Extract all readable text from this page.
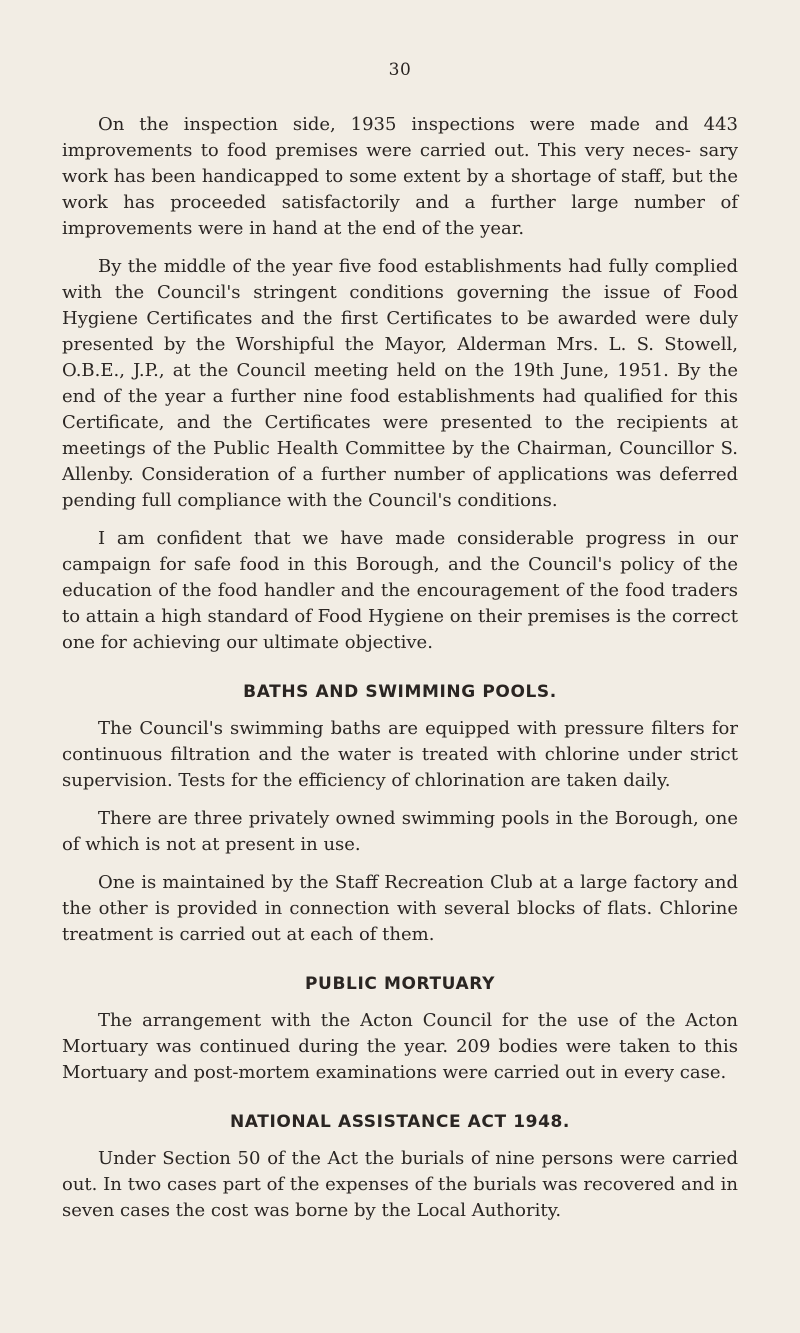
30

On the inspection side, 1935 inspections were made and 443 improvements to food premises were carried out. This very neces- sary work has been handicapped to some extent by a shortage of staff, but the work has proceeded satisfactorily and a further large number of improvements were in hand at the end of the year.

By the middle of the year five food establishments had fully complied with the Council's stringent conditions governing the issue of Food Hygiene Certificates and the first Certificates to be awarded were duly presented by the Worshipful the Mayor, Alderman Mrs. L. S. Stowell, O.B.E., J.P., at the Council meeting held on the 19th June, 1951. By the end of the year a further nine food establishments had qualified for this Certificate, and the Certificates were presented to the recipients at meetings of the Public Health Committee by the Chairman, Councillor S. Allenby. Consideration of a further number of applications was deferred pending full compliance with the Council's conditions.

I am confident that we have made considerable progress in our campaign for safe food in this Borough, and the Council's policy of the education of the food handler and the encouragement of the food traders to attain a high standard of Food Hygiene on their premises is the correct one for achieving our ultimate objective.

BATHS AND SWIMMING POOLS.

The Council's swimming baths are equipped with pressure filters for continuous filtration and the water is treated with chlorine under strict supervision. Tests for the efficiency of chlorination are taken daily.

There are three privately owned swimming pools in the Borough, one of which is not at present in use.

One is maintained by the Staff Recreation Club at a large factory and the other is provided in connection with several blocks of flats. Chlorine treatment is carried out at each of them.

PUBLIC MORTUARY

The arrangement with the Acton Council for the use of the Acton Mortuary was continued during the year. 209 bodies were taken to this Mortuary and post-mortem examinations were carried out in every case.

NATIONAL ASSISTANCE ACT 1948.

Under Section 50 of the Act the burials of nine persons were carried out. In two cases part of the expenses of the burials was recovered and in seven cases the cost was borne by the Local Authority.
